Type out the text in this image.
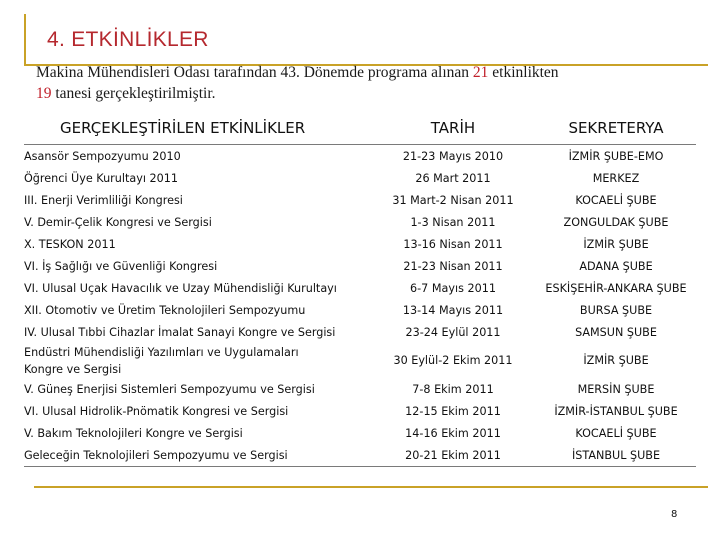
4. ETKİNLİKLER
Makina Mühendisleri Odası tarafından 43. Dönemde programa alınan 21 etkinlikten
19 tanesi gerçekleştirilmiştir.
GERÇEKLEŞTİRİLEN ETKİNLİKLER	TARİH	SEKRETERYA
Asansör Sempozyumu 2010	21-23 Mayıs 2010	İZMİR ŞUBE-EMO
Öğrenci Üye Kurultayı 2011	26 Mart 2011	MERKEZ
III. Enerji Verimliliği Kongresi	31 Mart-2 Nisan 2011	KOCAELİ ŞUBE
V. Demir-Çelik Kongresi ve Sergisi	1-3 Nisan 2011	ZONGULDAK ŞUBE
X. TESKON 2011	13-16 Nisan 2011	İZMİR ŞUBE
VI. İş Sağlığı ve Güvenliği Kongresi	21-23 Nisan 2011	ADANA ŞUBE
VI. Ulusal Uçak Havacılık ve Uzay Mühendisliği Kurultayı	6-7 Mayıs 2011	ESKİŞEHİR-ANKARA ŞUBE
XII. Otomotiv ve Üretim Teknolojileri Sempozyumu	13-14 Mayıs 2011	BURSA ŞUBE
IV. Ulusal Tıbbi Cihazlar İmalat Sanayi Kongre ve Sergisi	23-24 Eylül 2011	SAMSUN ŞUBE
Endüstri Mühendisliği Yazılımları ve Uygulamaları
Kongre ve Sergisi	30 Eylül-2 Ekim 2011	İZMİR ŞUBE
V. Güneş Enerjisi Sistemleri Sempozyumu ve Sergisi	7-8 Ekim 2011	MERSİN ŞUBE
VI. Ulusal Hidrolik-Pnömatik Kongresi ve Sergisi	12-15 Ekim 2011	İZMİR-İSTANBUL ŞUBE
V. Bakım Teknolojileri Kongre ve Sergisi	14-16 Ekim 2011	KOCAELİ ŞUBE
Geleceğin Teknolojileri Sempozyumu ve Sergisi	20-21 Ekim 2011	İSTANBUL ŞUBE
8
